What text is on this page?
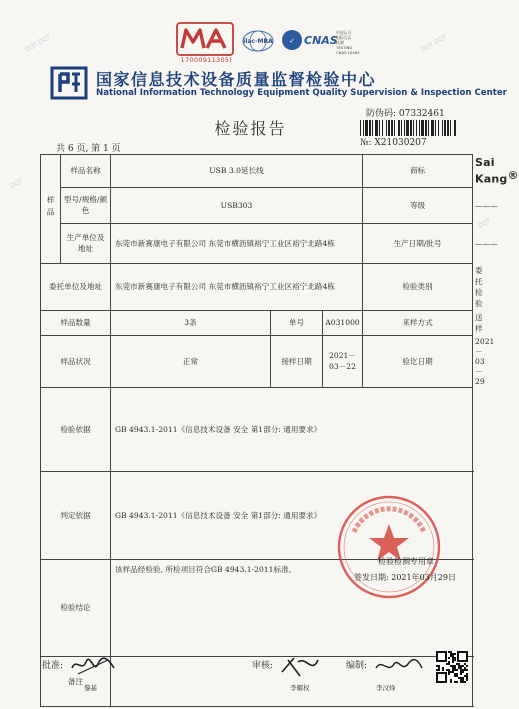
DQT DQT	DQT DQT
DQT
DQT
17000911305l
ilac-MRA ✓ CNAS
中国认可
国际互认
检测
TESTING
CNAS L0465
国家信息技术设备质量监督检验中心
National Information Technology Equipment Quality Supervision & Inspection Center
防伪码: 07332461
检验报告
№: X21030207
共 6 页, 第 1 页
样品	样品名称	USB 3.0延长线			商标	Sai Kang®
	型号/规格/颜色	USB303			等级	———
	生产单位及地址	东莞市新赛康电子有限公司 东莞市横沥镇裕宁工业区裕宁北路4栋			生产日期/批号	———
委托单位及地址		东莞市新赛康电子有限公司 东莞市横沥镇裕宁工业区裕宁北路4栋			检验类别	委托检验
样品数量		3条	单号	A031000	来样方式	送样
样品状况		正常	接样日期	2021－03－22	验讫日期	2021－03－29
检验依据		GB 4943.1-2011《信息技术设备 安全 第1部分: 通用要求》				
判定依据		GB 4943.1-2011《信息技术设备 安全 第1部分: 通用要求》				
检验结论		该样品经检验, 所检项目符合GB 4943.1-2011标准。				
备注						
检验检测专用章
签发日期: 2021年03月29日
批准:
黎基
审核:
李耀权
编制:
李汉烽
